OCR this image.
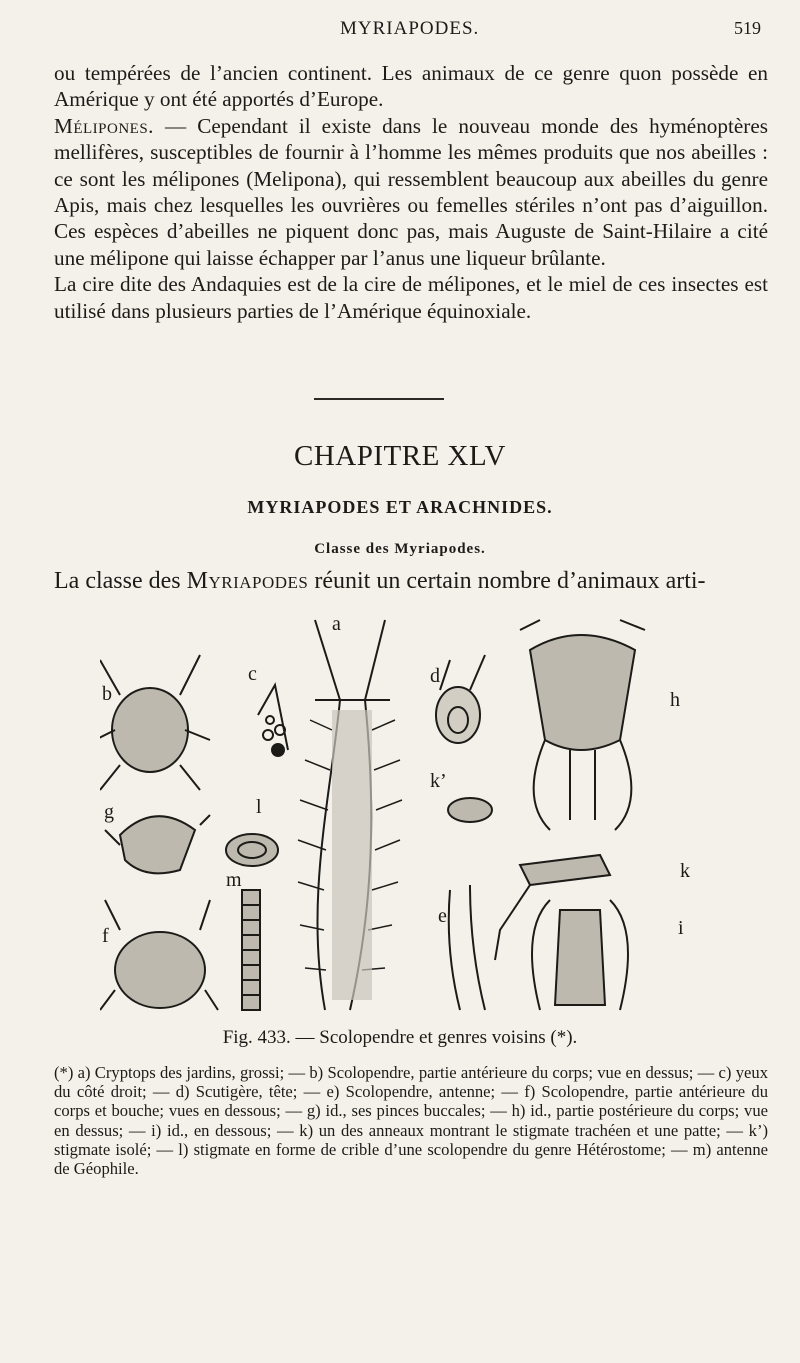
MYRIAPODES.	519

ou tempérées de l’ancien continent. Les animaux de ce genre quon possède en Amérique y ont été apportés d’Europe.

Mélipones. — Cependant il existe dans le nouveau monde des hyménoptères mellifères, susceptibles de fournir à l’homme les mêmes produits que nos abeilles : ce sont les mélipones (Melipona), qui ressemblent beaucoup aux abeilles du genre Apis, mais chez lesquelles les ouvrières ou femelles stériles n’ont pas d’aiguillon. Ces espèces d’abeilles ne piquent donc pas, mais Auguste de Saint-Hilaire a cité une mélipone qui laisse échapper par l’anus une liqueur brûlante.

La cire dite des Andaquies est de la cire de mélipones, et le miel de ces insectes est utilisé dans plusieurs parties de l’Amérique équinoxiale.

CHAPITRE XLV
MYRIAPODES ET ARACHNIDES.
Classe des Myriapodes.
La classe des Myriapodes réunit un certain nombre d’animaux arti-
a
b
c	d
e
f
g
h
i
k
k’
l
m
Fig. 433. — Scolopendre et genres voisins (*).

(*) a) Cryptops des jardins, grossi; — b) Scolopendre, partie antérieure du corps; vue en dessus; — c) yeux du côté droit; — d) Scutigère, tête; — e) Scolopendre, antenne; — f) Scolopendre, partie antérieure du corps et bouche; vues en dessous; — g) id., ses pinces buccales; — h) id., partie postérieure du corps; vue en dessus; — i) id., en dessous; — k) un des anneaux montrant le stigmate trachéen et une patte; — k’) stigmate isolé; — l) stigmate en forme de crible d’une scolopendre du genre Hétérostome; — m) antenne de Géophile.
